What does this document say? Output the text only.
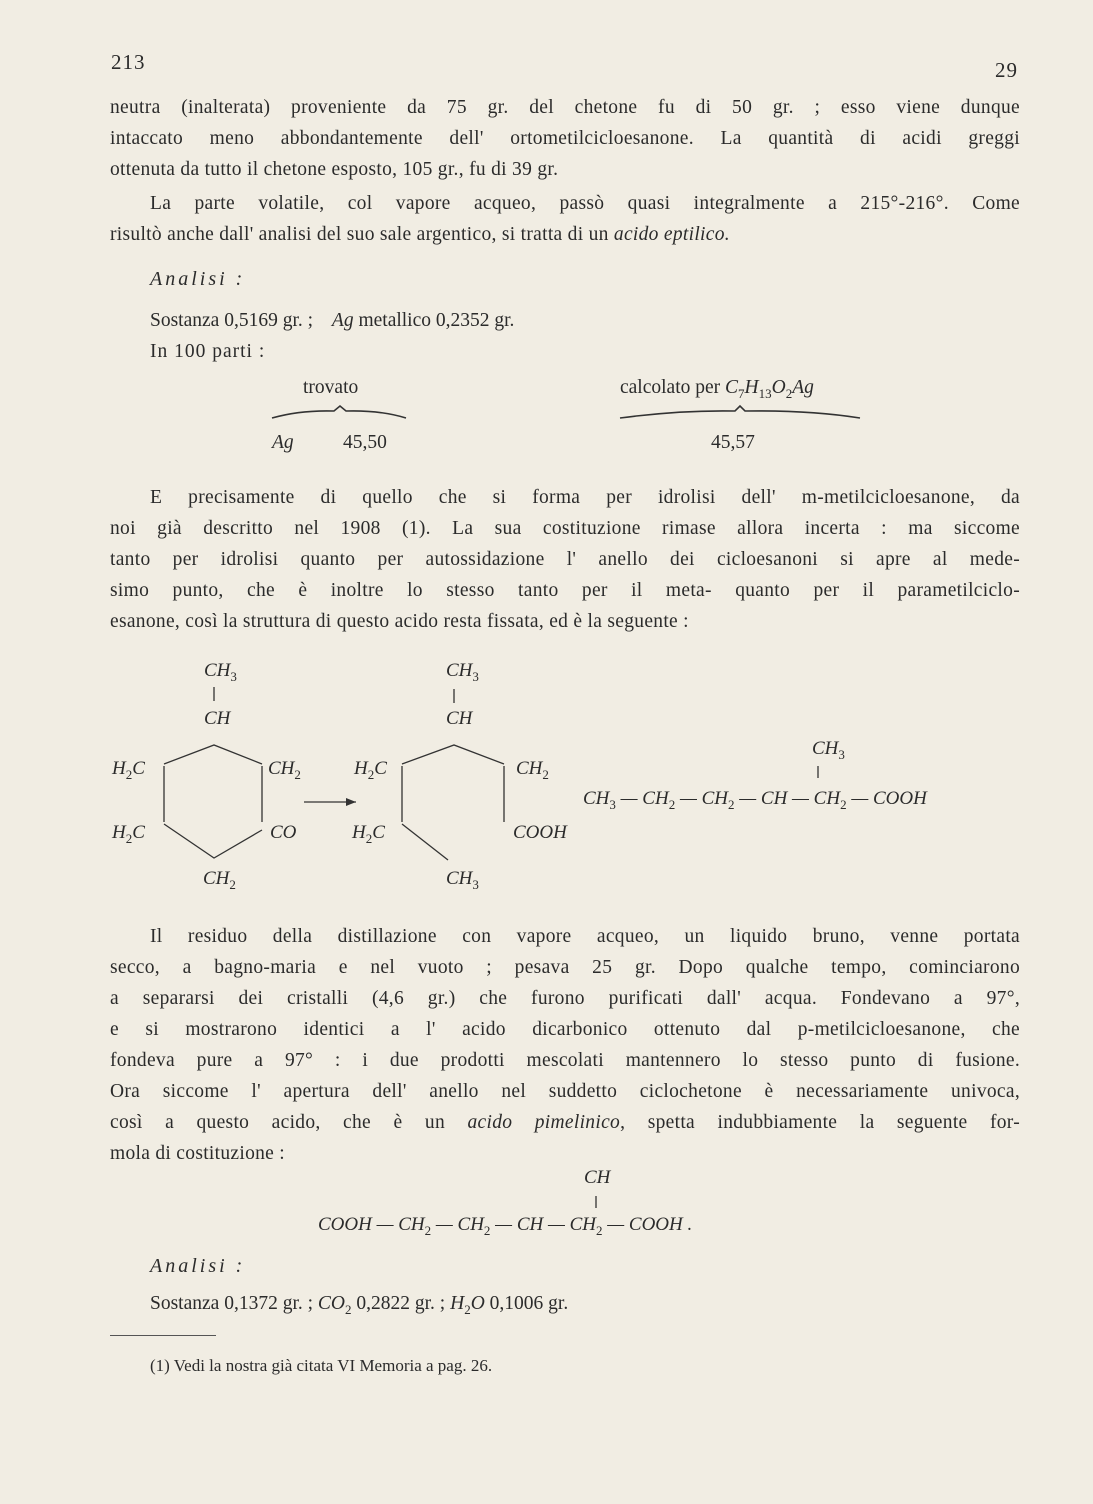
213	29
neutra (inalterata) proveniente da 75 gr. del chetone fu di 50 gr. ; esso viene dunque
intaccato meno abbondantemente dell' ortometilcicloesanone. La quantità di acidi greggi
ottenuta da tutto il chetone esposto, 105 gr., fu di 39 gr.
La parte volatile, col vapore acqueo, passò quasi integralmente a 215°-216°. Come
risultò anche dall' analisi del suo sale argentico, si tratta di un acido eptilico.
Analisi :
Sostanza 0,5169 gr. ; Ag metallico 0,2352 gr.
In 100 parti :
trovato	calcolato per $C_7H_{13}O_2Ag$
Ag	45,50	45,57
E precisamente di quello che si forma per idrolisi dell' m-metilcicloesanone, da
noi già descritto nel 1908 (1). La sua costituzione rimase allora incerta : ma siccome
tanto per idrolisi quanto per autossidazione l' anello dei cicloesanoni si apre al mede-
simo punto, che è inoltre lo stesso tanto per il meta- quanto per il parametilciclo-
esanone, così la struttura di questo acido resta fissata, ed è la seguente :
$CH_3$
CH
$H_2C$	$CH_2$
$H_2C$	CO
$CH_2$
$CH_3$
CH
$H_2C$	$CH_2$
$H_2C$	COOH
$CH_3$
$CH_3$
$CH_3$ — $CH_2$ — $CH_2$ — CH — $CH_2$ — COOH
Il residuo della distillazione con vapore acqueo, un liquido bruno, venne portata
secco, a bagno-maria e nel vuoto ; pesava 25 gr. Dopo qualche tempo, cominciarono
a separarsi dei cristalli (4,6 gr.) che furono purificati dall' acqua. Fondevano a 97°,
e si mostrarono identici a l' acido dicarbonico ottenuto dal p-metilcicloesanone, che
fondeva pure a 97° : i due prodotti mescolati mantennero lo stesso punto di fusione.
Ora siccome l' apertura dell' anello nel suddetto ciclochetone è necessariamente univoca,
così a questo acido, che è un acido pimelinico, spetta indubbiamente la seguente for-
mola di costituzione :
CH
COOH — $CH_2$ — $CH_2$ — CH — $CH_2$ — COOH .
Analisi :
Sostanza 0,1372 gr. ; $CO_2$ 0,2822 gr. ; $H_2O$ 0,1006 gr.
(1) Vedi la nostra già citata VI Memoria a pag. 26.
